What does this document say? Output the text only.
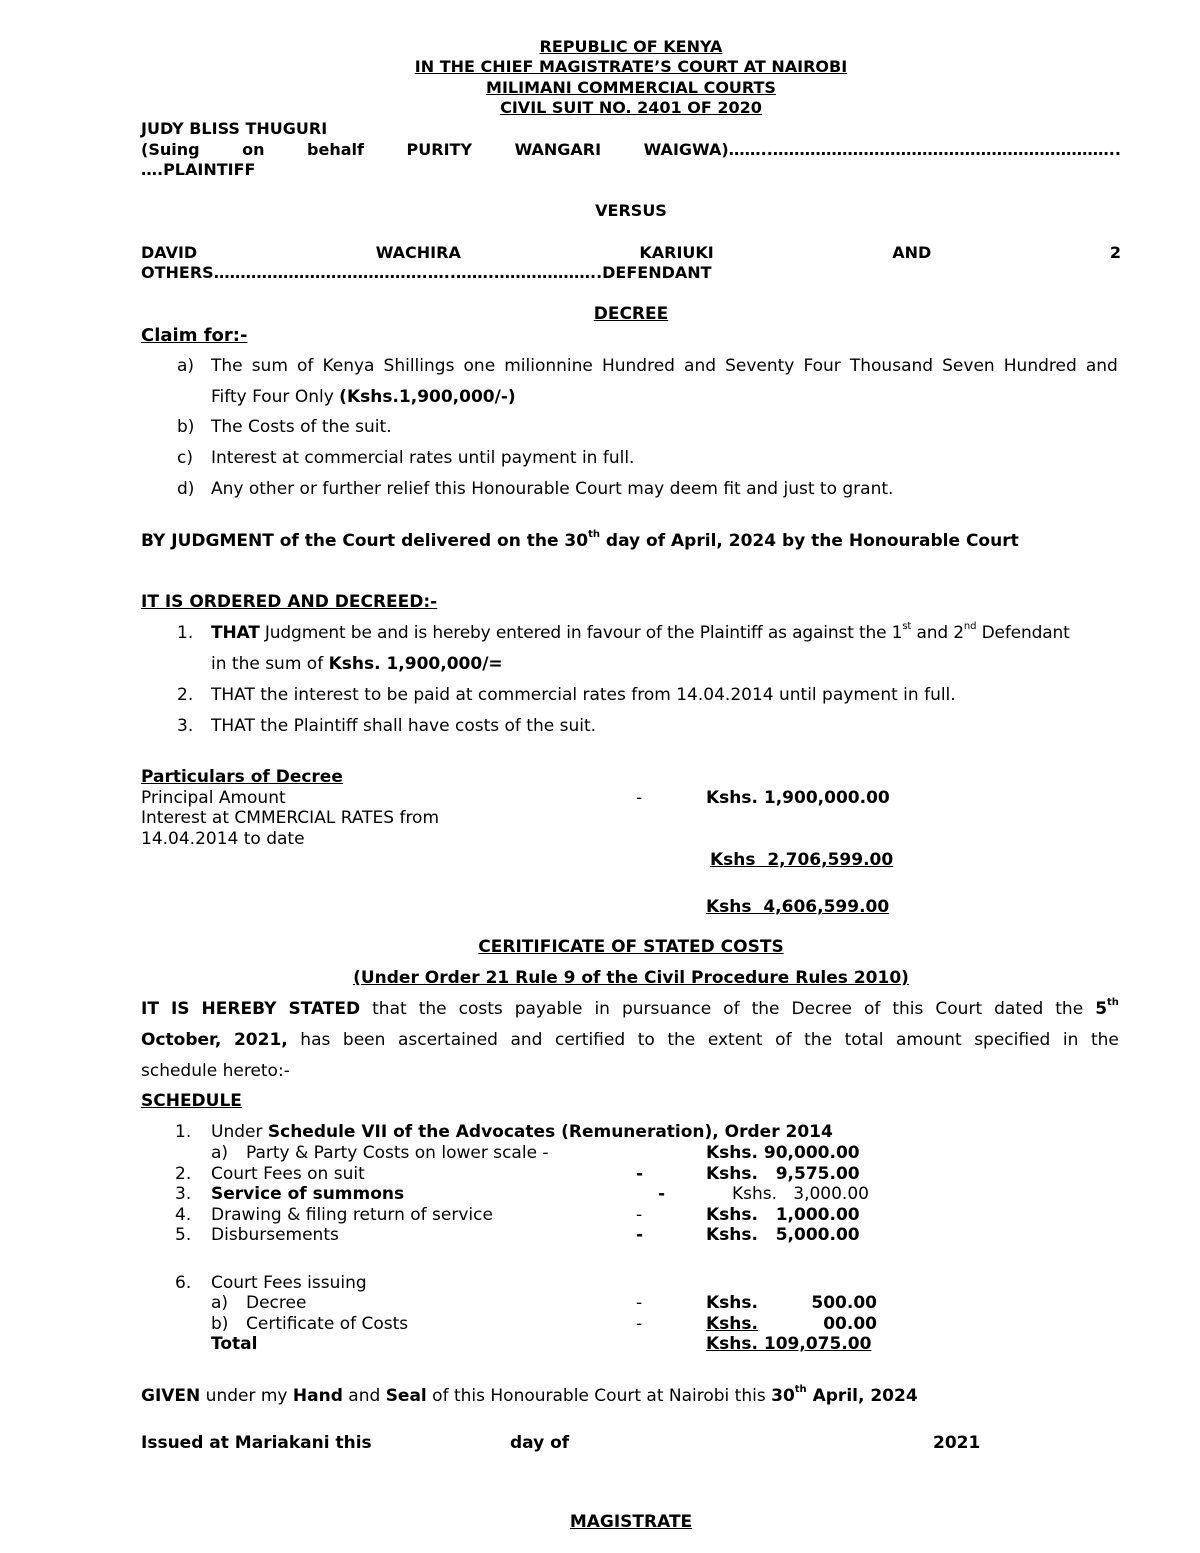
REPUBLIC OF KENYA
IN THE CHIEF MAGISTRATE’S COURT AT NAIROBI
MILIMANI COMMERCIAL COURTS
CIVIL SUIT NO. 2401 OF 2020
JUDY BLISS THUGURI
(Suing	on	behalf	PURITY	WANGARI	WAIGWA)……..………………………………………………………..
….PLAINTIFF
VERSUS
DAVID	WACHIRA	KARIUKI	AND	2
OTHERS………………………………….…..…….………………..DEFENDANT
DECREE
Claim for:-
a) The sum of Kenya Shillings one milionnine Hundred and Seventy Four Thousand Seven Hundred and
Fifty Four Only (Kshs.1,900,000/-)
b) The Costs of the suit.
c) Interest at commercial rates until payment in full.
d) Any other or further relief this Honourable Court may deem fit and just to grant.
BY JUDGMENT of the Court delivered on the 30th day of April, 2024 by the Honourable Court
IT IS ORDERED AND DECREED:-
1. THAT Judgment be and is hereby entered in favour of the Plaintiff as against the 1st and 2nd Defendant
in the sum of Kshs. 1,900,000/=
2. THAT the interest to be paid at commercial rates from 14.04.2014 until payment in full.
3. THAT the Plaintiff shall have costs of the suit.
Particulars of Decree
Principal Amount	-	Kshs. 1,900,000.00
Interest at CMMERCIAL RATES from
14.04.2014 to date
Kshs  2,706,599.00
Kshs  4,606,599.00
CERITIFICATE OF STATED COSTS
(Under Order 21 Rule 9 of the Civil Procedure Rules 2010)
IT IS HEREBY STATED that the costs payable in pursuance of the Decree of this Court dated the 5th
October, 2021, has been ascertained and certified to the extent of the total amount specified in the
schedule hereto:-
SCHEDULE
1. Under Schedule VII of the Advocates (Remuneration), Order 2014
a) Party & Party Costs on lower scale -	Kshs. 90,000.00
2. Court Fees on suit	-	Kshs.   9,575.00
3. Service of summons	-	Kshs.   3,000.00
4. Drawing & filing return of service	-	Kshs.   1,000.00
5. Disbursements	-	Kshs.   5,000.00
6. Court Fees issuing
a) Decree	-	Kshs.	500.00
b) Certificate of Costs	-	Kshs.	00.00
Total	Kshs. 109,075.00
GIVEN under my Hand and Seal of this Honourable Court at Nairobi this 30th April, 2024
Issued at Mariakani this	day of	2021
MAGISTRATE
